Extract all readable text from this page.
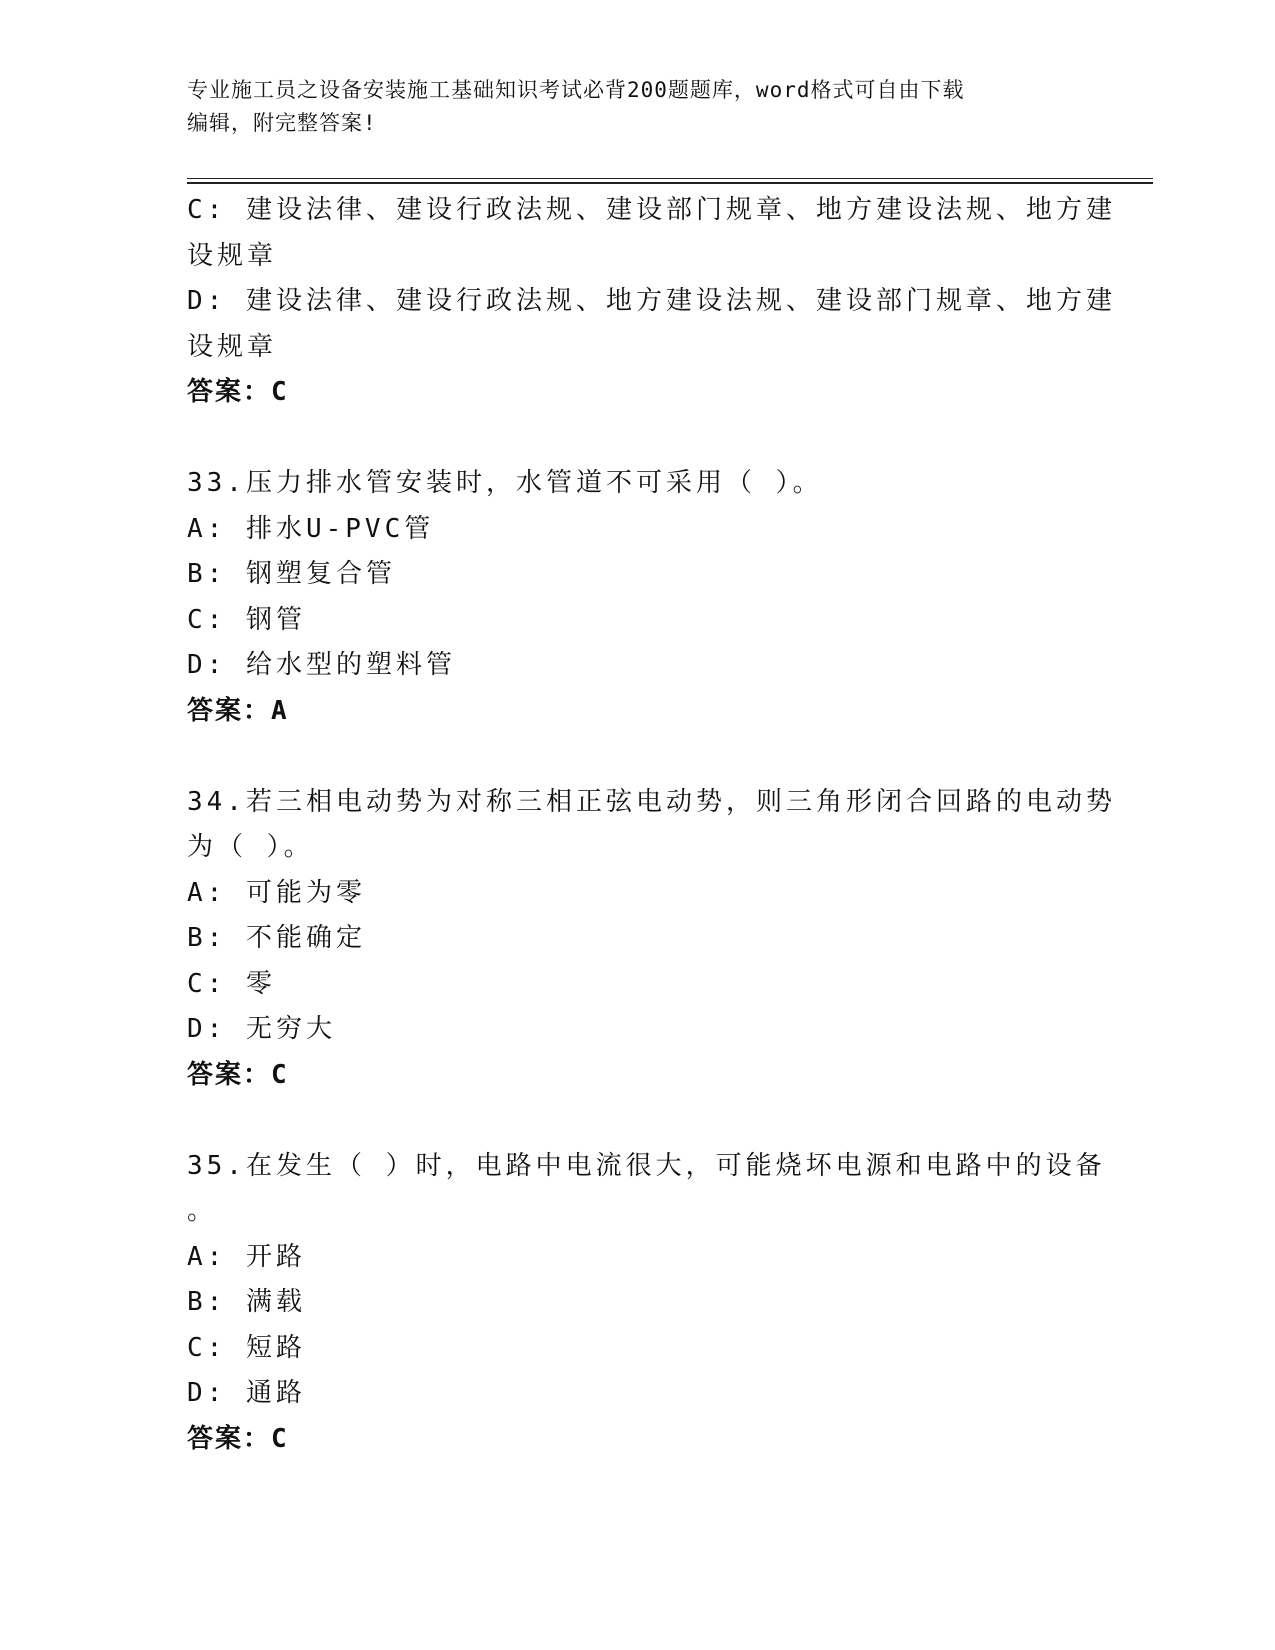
专业施工员之设备安装施工基础知识考试必背200题题库，word格式可自由下载
编辑，附完整答案!
C: 建设法律、建设行政法规、建设部门规章、地方建设法规、地方建
设规章
D: 建设法律、建设行政法规、地方建设法规、建设部门规章、地方建
设规章
答案：C
33.压力排水管安装时，水管道不可采用（ ）。
A: 排水U-PVC管
B: 钢塑复合管
C: 钢管
D: 给水型的塑料管
答案：A
34.若三相电动势为对称三相正弦电动势，则三角形闭合回路的电动势
为（ ）。
A: 可能为零
B: 不能确定
C: 零
D: 无穷大
答案：C
35.在发生（ ）时，电路中电流很大，可能烧坏电源和电路中的设备
。
A: 开路
B: 满载
C: 短路
D: 通路
答案：C
